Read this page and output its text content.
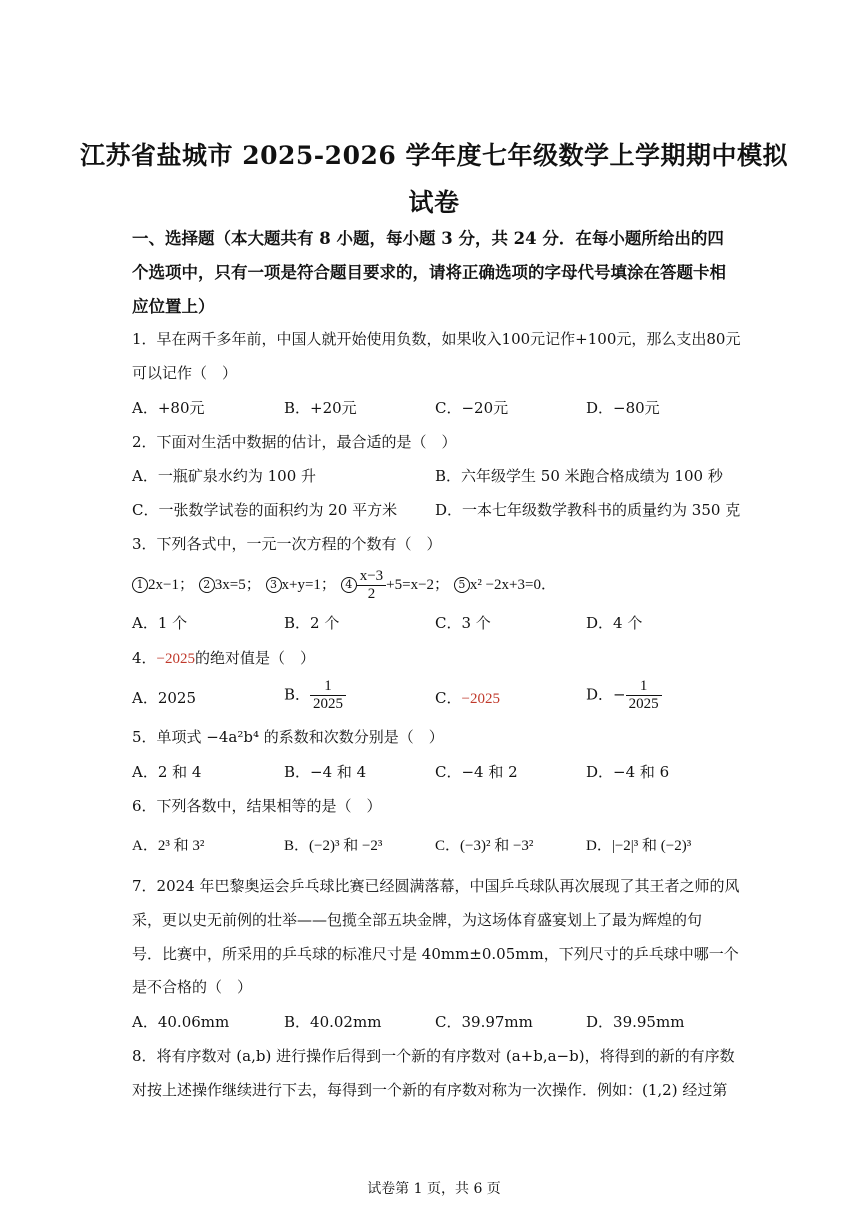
江苏省盐城市 2025-2026 学年度七年级数学上学期期中模拟
试卷
一、选择题（本大题共有 8 小题，每小题 3 分，共 24 分．在每小题所给出的四个选项中，只有一项是符合题目要求的，请将正确选项的字母代号填涂在答题卡相应位置上）
1．早在两千多年前，中国人就开始使用负数，如果收入100元记作+100元，那么支出80元
可以记作（　）
A．+80元	B．+20元	C．−20元	D．−80元
2．下面对生活中数据的估计，最合适的是（　）
A．一瓶矿泉水约为 100 升	B．六年级学生 50 米跑合格成绩为 100 秒
C．一张数学试卷的面积约为 20 平方米	D．一本七年级数学教科书的质量约为 350 克
3．下列各式中，一元一次方程的个数有（　）
1 2x−1； 2 3x=5； 3 x+y=1； $4 \frac{x-3}{2} +5=x-2$； 5 x² −2x+3=0．
A．1 个	B．2 个	C．3 个	D．4 个
4．−2025的绝对值是（　）
A．2025	B． $\frac{1}{2025}$	C．−2025	D．− $\frac{1}{2025}$
5．单项式 −4a²b⁴ 的系数和次数分别是（　）
A．2 和 4	B．−4 和 4	C．−4 和 2	D．−4 和 6
6．下列各数中，结果相等的是（　）
A．2³ 和 3²	B．(−2)³ 和 −2³	C．(−3)² 和 −3²	D．|−2|³ 和 (−2)³
7．2024 年巴黎奥运会乒乓球比赛已经圆满落幕，中国乒乓球队再次展现了其王者之师的风
采，更以史无前例的壮举——包揽全部五块金牌，为这场体育盛宴划上了最为辉煌的句
号．比赛中，所采用的乒乓球的标准尺寸是 40mm±0.05mm，下列尺寸的乒乓球中哪一个
是不合格的（　）
A．40.06mm	B．40.02mm	C．39.97mm	D．39.95mm
8．将有序数对 (a,b) 进行操作后得到一个新的有序数对 (a+b,a−b)，将得到的新的有序数
对按上述操作继续进行下去，每得到一个新的有序数对称为一次操作．例如：(1,2) 经过第
试卷第 1 页，共 6 页
